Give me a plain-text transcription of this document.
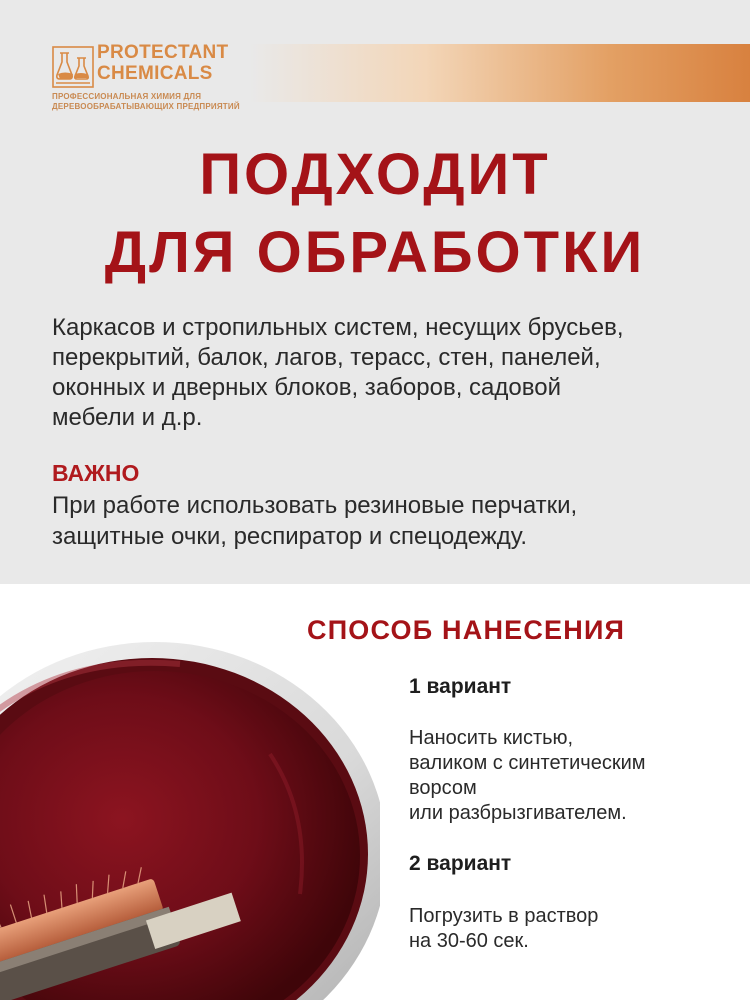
PROTECTANT
CHEMICALS
ПРОФЕССИОНАЛЬНАЯ ХИМИЯ ДЛЯ
ДЕРЕВООБРАБАТЫВАЮЩИХ ПРЕДПРИЯТИЙ
ПОДХОДИТ
ДЛЯ ОБРАБОТКИ
Каркасов и стропильных систем, несущих брусьев,
перекрытий, балок, лагов, терасс, стен, панелей,
оконных и дверных блоков, заборов, садовой
мебели и д.р.
ВАЖНО
При работе использовать резиновые перчатки,
защитные очки, респиратор и спецодежду.
СПОСОБ НАНЕСЕНИЯ
1 вариант
Наносить кистью,
валиком с синтетическим
ворсом
или разбрызгивателем.
2 вариант
Погрузить в раствор
на 30-60 сек.
